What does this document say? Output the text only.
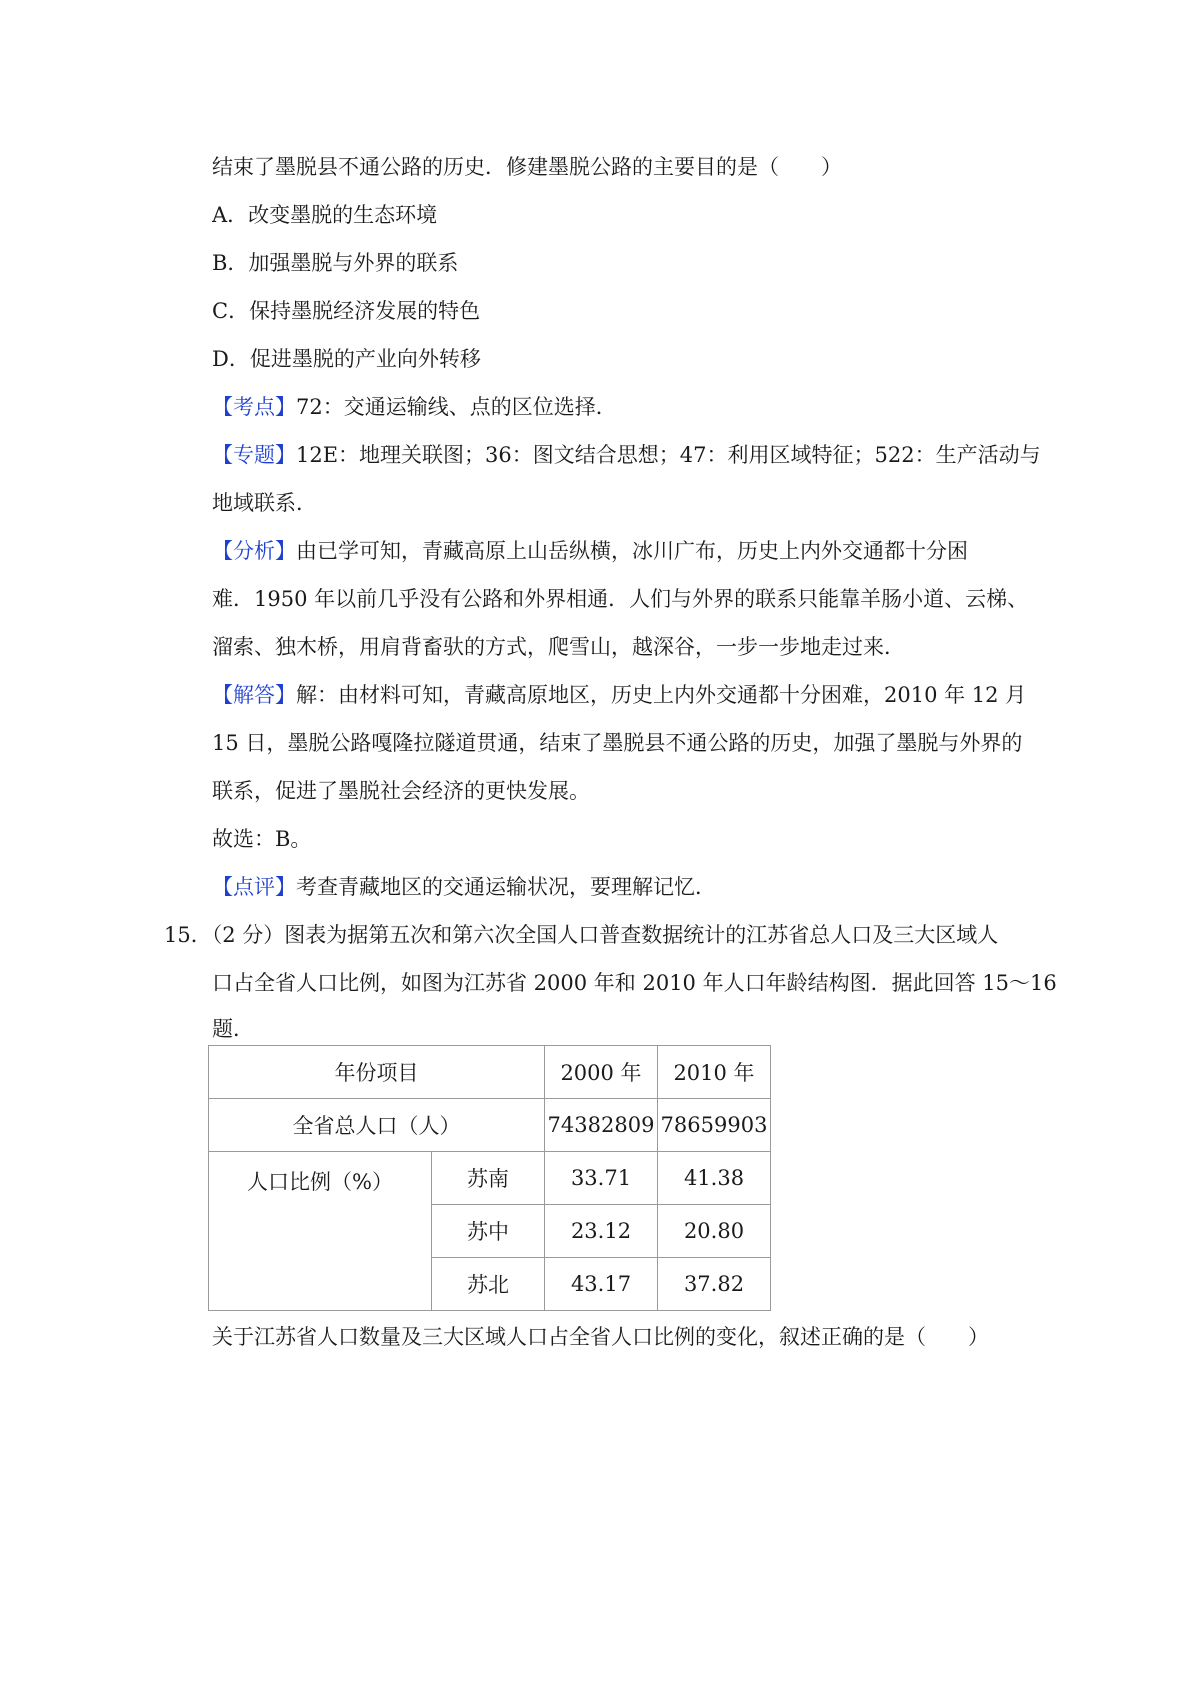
结束了墨脱县不通公路的历史．修建墨脱公路的主要目的是（　　）
A．改变墨脱的生态环境
B．加强墨脱与外界的联系
C．保持墨脱经济发展的特色
D．促进墨脱的产业向外转移
【考点】72：交通运输线、点的区位选择．
【专题】12E：地理关联图；36：图文结合思想；47：利用区域特征；522：生产活动与
地域联系．
【分析】由已学可知，青藏高原上山岳纵横，冰川广布，历史上内外交通都十分困
难．1950 年以前几乎没有公路和外界相通．人们与外界的联系只能靠羊肠小道、云梯、
溜索、独木桥，用肩背畜驮的方式，爬雪山，越深谷，一步一步地走过来．
【解答】解：由材料可知，青藏高原地区，历史上内外交通都十分困难，2010 年 12 月
15 日，墨脱公路嘎隆拉隧道贯通，结束了墨脱县不通公路的历史，加强了墨脱与外界的
联系，促进了墨脱社会经济的更快发展。
故选：B。
【点评】考查青藏地区的交通运输状况，要理解记忆．
15．（2 分）图表为据第五次和第六次全国人口普查数据统计的江苏省总人口及三大区域人
口占全省人口比例，如图为江苏省 2000 年和 2010 年人口年龄结构图．据此回答 15～16
题．
年份项目		2000 年	2010 年
全省总人口（人）		74382809	78659903
人口比例（%）	苏南	33.71	41.38
	苏中	23.12	20.80
	苏北	43.17	37.82
关于江苏省人口数量及三大区域人口占全省人口比例的变化，叙述正确的是（　　）
